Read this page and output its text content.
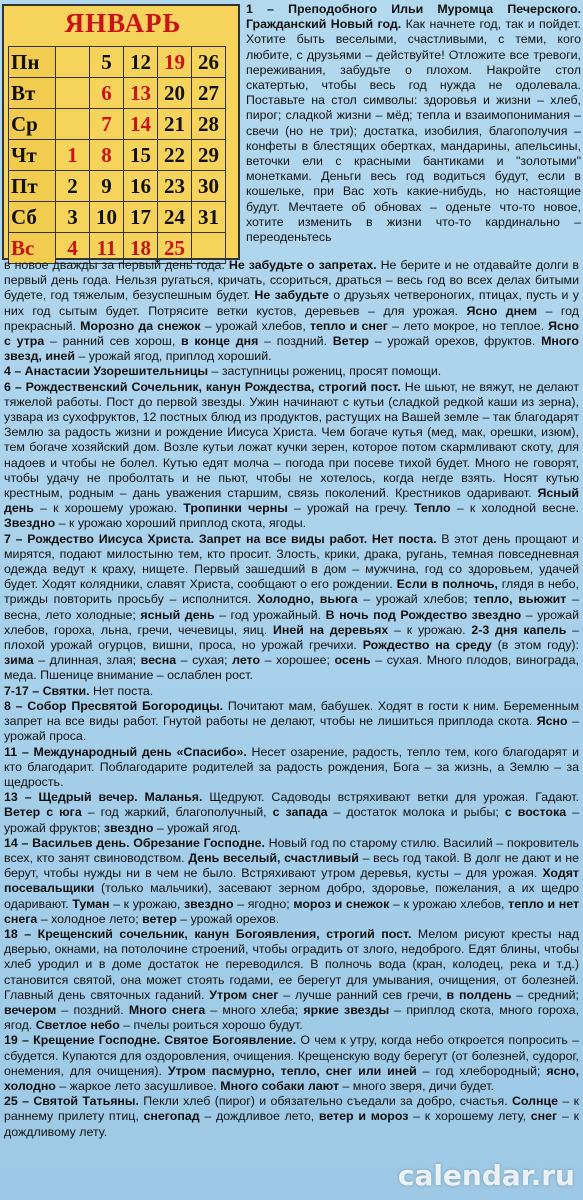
ЯНВАРЬ
Пн		5	12	19	26
Вт		6	13	20	27
Ср		7	14	21	28
Чт	1	8	15	22	29
Пт	2	9	16	23	30
Сб	3	10	17	24	31
Вс	4	11	18	25	

1 – Преподобного Ильи Муромца Печерского. Гражданский Новый год. Как начнете год, так и пойдет. Хотите быть веселыми, счастливыми, с теми, кого любите, с друзьями – действуйте! Отложите все тревоги, переживания, забудьте о плохом. Накройте стол скатертью, чтобы весь год нужда не одолевала. Поставьте на стол символы: здоровья и жизни – хлеб, пирог; сладкой жизни – мёд; тепла и взаимопонимания – свечи (но не три); достатка, изобилия, благополучия – конфеты в блестящих обертках, мандарины, апельсины, веточки ели с красными бантиками и "золотыми" монетками. Деньги весь год водиться будут, если в кошельке, при Вас хоть какие-нибудь, но настоящие будут. Мечтаете об обновах – оденьте что-то новое, хотите изменить в жизни что-то кардинально – переоденьтесь

в новое дважды за первый день года. Не забудьте о запретах. Не берите и не отдавайте долги в первый день года. Нельзя ругаться, кричать, ссориться, драться – весь год во всех делах битыми будете, год тяжелым, безуспешным будет. Не забудьте о друзьях четвероногих, птицах, пусть и у них год сытым будет. Потрясите ветки кустов, деревьев – для урожая. Ясно днем – год прекрасный. Морозно да снежок – урожай хлебов, тепло и снег – лето мокрое, но теплое. Ясно с утра – ранний сев хорош, в конце дня – поздний. Ветер – урожай орехов, фруктов. Много звезд, иней – урожай ягод, приплод хороший.

4 – Анастасии Узорешительницы – заступницы рожениц, просят помощи.

6 – Рождественский Сочельник, канун Рождества, строгий пост. Не шьют, не вяжут, не делают тяжелой работы. Пост до первой звезды. Ужин начинают с кутьи (сладкой редкой каши из зерна), узвара из сухофруктов, 12 постных блюд из продуктов, растущих на Вашей земле – так благодарят Землю за радость жизни и рождение Иисуса Христа. Чем богаче кутья (мед, мак, орешки, изюм), тем богаче хозяйский дом. Возле кутьи ложат кучки зерен, которое потом скармливают скоту, для надоев и чтобы не болел. Кутью едят молча – погода при посеве тихой будет. Много не говорят, чтобы удачу не проболтать и не пьют, чтобы не хотелось, когда негде взять. Носят кутью крестным, родным – дань уважения старшим, связь поколений. Крестников одаривают. Ясный день – к хорошему урожаю. Тропинки черны – урожай на гречу. Тепло – к холодной весне. Звездно – к урожаю хороший приплод скота, ягоды.

7 – Рождество Иисуса Христа. Запрет на все виды работ. Нет поста. В этот день прощают и мирятся, подают милостыню тем, кто просит. Злость, крики, драка, ругань, темная повседневная одежда ведут к краху, нищете. Первый зашедший в дом – мужчина, год со здоровьем, удачей будет. Ходят колядники, славят Христа, сообщают о его рождении. Если в полночь, глядя в небо, трижды повторить просьбу – исполнится. Холодно, вьюга – урожай хлебов; тепло, вьюжит – весна, лето холодные; ясный день – год урожайный. В ночь под Рождество звездно – урожай хлебов, гороха, льна, гречи, чечевицы, яиц. Иней на деревьях – к урожаю. 2-3 дня капель – плохой урожай огурцов, вишни, проса, но урожай гречихи. Рождество на среду (в этом году): зима – длинная, злая; весна – сухая; лето – хорошее; осень – сухая. Много плодов, винограда, меда. Пшенице внимание – ослаблен рост.

7-17 – Святки. Нет поста.

8 – Собор Пресвятой Богородицы. Почитают мам, бабушек. Ходят в гости к ним. Беременным запрет на все виды работ. Гнутой работы не делают, чтобы не лишиться приплода скота. Ясно – урожай проса.

11 – Международный день «Спасибо». Несет озарение, радость, тепло тем, кого благодарят и кто благодарит. Поблагодарите родителей за радость рождения, Бога – за жизнь, а Землю – за щедрость.

13 – Щедрый вечер. Маланья. Щедруют. Садоводы встряхивают ветки для урожая. Гадают. Ветер с юга – год жаркий, благополучный, с запада – достаток молока и рыбы; с востока – урожай фруктов; звездно – урожай ягод.

14 – Васильев день. Обрезание Господне. Новый год по старому стилю. Василий – покровитель всех, кто занят свиноводством. День веселый, счастливый – весь год такой. В долг не дают и не берут, чтобы нужды ни в чем не было. Встряхивают утром деревья, кусты – для урожая. Ходят посевальщики (только мальчики), засевают зерном добро, здоровье, пожелания, а их щедро одаривают. Туман – к урожаю, звездно – ягодно; мороз и снежок – к урожаю хлебов, тепло и нет снега – холодное лето; ветер – урожай орехов.

18 – Крещенский сочельник, канун Богоявления, строгий пост. Мелом рисуют кресты над дверью, окнами, на потолочине строений, чтобы оградить от злого, недоброго. Едят блины, чтобы хлеб уродил и в доме достаток не переводился. В полночь вода (кран, колодец, река и т.д.) становится святой, она может стоять годами, ее берегут для умывания, очищения, от болезней. Главный день святочных гаданий. Утром снег – лучше ранний сев гречи, в полдень – средний; вечером – поздний. Много снега – много хлеба; яркие звезды – приплод скота, много гороха, ягод. Светлое небо – пчелы роиться хорошо будут.

19 – Крещение Господне. Святое Богоявление. О чем к утру, когда небо откроется попросить – сбудется. Купаются для оздоровления, очищения. Крещенскую воду берегут (от болезней, судорог, онемения, для очищения). Утром пасмурно, тепло, снег или иней – год хлебородный; ясно, холодно – жаркое лето засушливое. Много собаки лают – много зверя, дичи будет.

25 – Святой Татьяны. Пекли хлеб (пирог) и обязательно съедали за добро, счастья. Солнце – к раннему прилету птиц, снегопад – дождливое лето, ветер и мороз – к хорошему лету, снег – к дождливому лету.

calendar.ru
